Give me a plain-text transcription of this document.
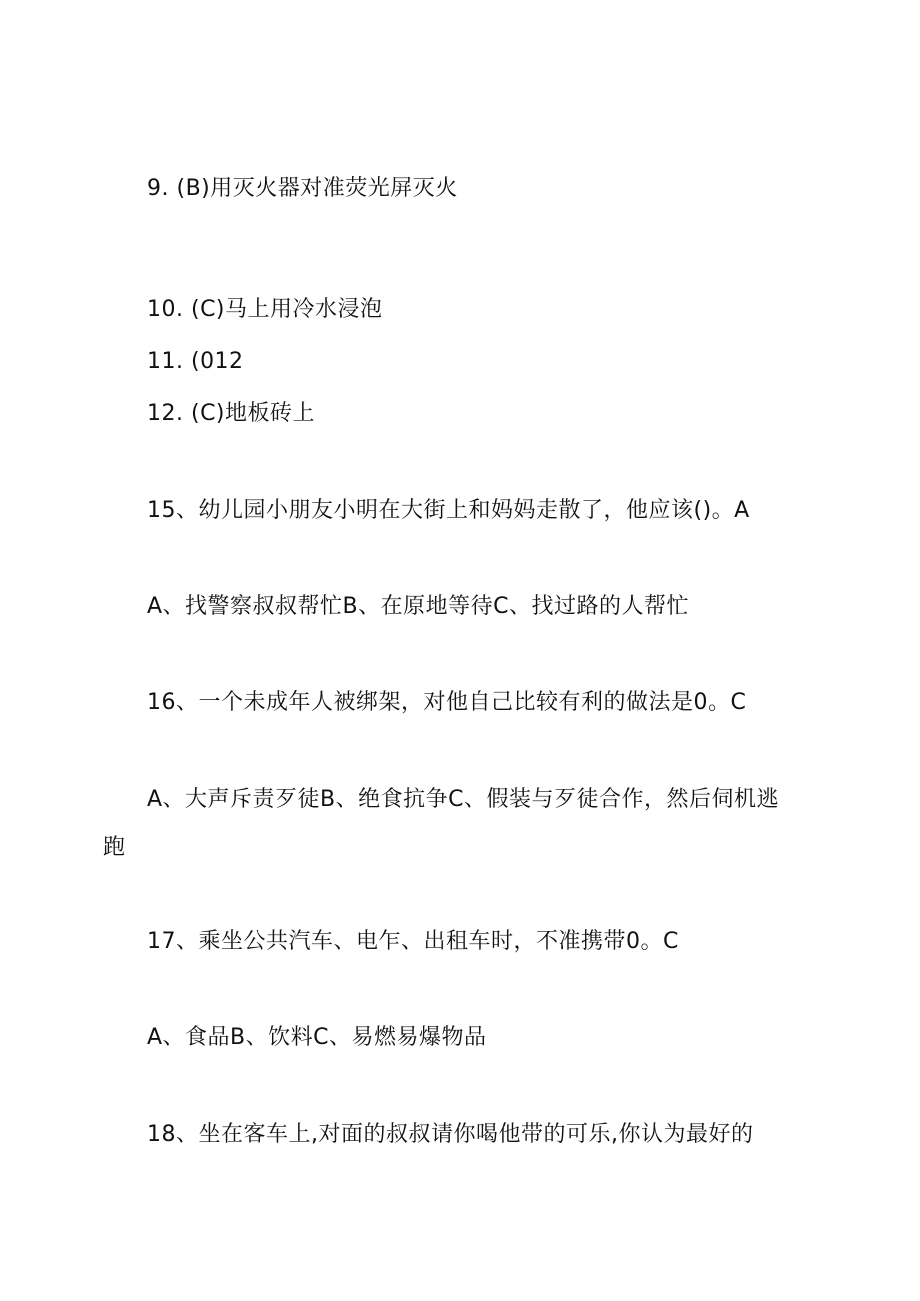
9. (B)用灭火器对准荧光屏灭火
10. (C)马上用冷水浸泡
11. (012
12. (C)地板砖上
15、幼儿园小朋友小明在大街上和妈妈走散了，他应该()。A
A、找警察叔叔帮忙B、在原地等待C、找过路的人帮忙
16、一个未成年人被绑架，对他自己比较有利的做法是0。C
A、大声斥责歹徒B、绝食抗争C、假装与歹徒合作，然后伺机逃
跑
17、乘坐公共汽车、电乍、出租车时，不准携带0。C
A、食品B、饮料C、易燃易爆物品
18、坐在客车上,对面的叔叔请你喝他带的可乐,你认为最好的
